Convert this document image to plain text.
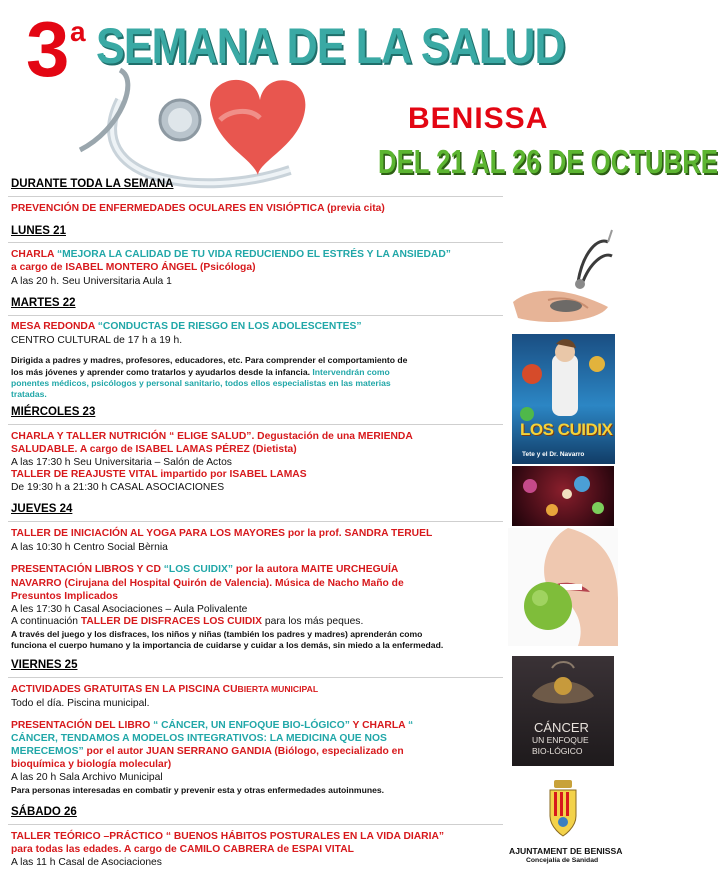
3 a SEMANA DE LA SALUD
BENISSA
DEL 21 AL 26 DE OCTUBRE
DURANTE TODA LA SEMANA
PREVENCIÓN DE ENFERMEDADES OCULARES EN VISIÓPTICA (previa cita)
LUNES 21
CHARLA “MEJORA LA CALIDAD DE TU VIDA REDUCIENDO EL ESTRÉS Y LA ANSIEDAD”
a cargo de ISABEL MONTERO ÁNGEL (Psicóloga)
A las 20 h. Seu Universitaria Aula 1
MARTES 22
MESA REDONDA “CONDUCTAS DE RIESGO EN LOS ADOLESCENTES”
CENTRO CULTURAL de 17 h a 19 h.
Dirigida a padres y madres, profesores, educadores, etc. Para comprender el comportamiento de
los más jóvenes y aprender como tratarlos y ayudarlos desde la infancia. Intervendrán como
ponentes médicos, psicólogos y personal sanitario, todos ellos especialistas en las materias
tratadas.
MIÉRCOLES 23
CHARLA Y TALLER NUTRICIÓN “ ELIGE SALUD”. Degustación de una MERIENDA
SALUDABLE. A cargo de ISABEL LAMAS PÉREZ (Dietista)
A las 17:30 h Seu Universitaria – Salón de Actos
TALLER DE REAJUSTE VITAL impartido por ISABEL LAMAS
De 19:30 h a 21:30 h CASAL ASOCIACIONES
JUEVES 24
TALLER DE INICIACIÓN AL YOGA PARA LOS MAYORES por la prof. SANDRA TERUEL
A las 10:30 h Centro Social Bèrnia
PRESENTACIÓN LIBROS Y CD “LOS CUIDIX” por la autora MAITE URCHEGUÍA
NAVARRO (Cirujana del Hospital Quirón de Valencia). Música de Nacho Maño de
Presuntos Implicados
A les 17:30 h Casal Asociaciones – Aula Polivalente
A continuación TALLER DE DISFRACES LOS CUIDIX para los más peques.
A través del juego y los disfraces, los niños y niñas (también los padres y madres) aprenderán como
funciona el cuerpo humano y la importancia de cuidarse y cuidar a los demás, sin miedo a la enfermedad.
VIERNES 25
ACTIVIDADES GRATUITAS EN LA PISCINA CUBIERTA MUNICIPAL
Todo el día. Piscina municipal.
PRESENTACIÓN DEL LIBRO “ CÁNCER, UN ENFOQUE BIO-LÓGICO” Y CHARLA “
CÁNCER, TENDAMOS A MODELOS INTEGRATIVOS: LA MEDICINA QUE NOS
MERECEMOS” por el autor JUAN SERRANO GANDIA (Biólogo, especializado en
bioquímica y biología molecular)
A las 20 h Sala Archivo Municipal
Para personas interesadas en combatir y prevenir esta y otras enfermedades autoinmunes.
SÁBADO 26
TALLER TEÓRICO –PRÁCTICO “ BUENOS HÁBITOS POSTURALES EN LA VIDA DIARIA”
para todas las edades. A cargo de CAMILO CABRERA de ESPAI VITAL
A las 11 h Casal de Asociaciones
LOS CUIDIX
Tete y el Dr. Navarro
CÁNCER
UN ENFOQUE
BIO-LÓGICO
AJUNTAMENT DE BENISSA
Concejalía de Sanidad
